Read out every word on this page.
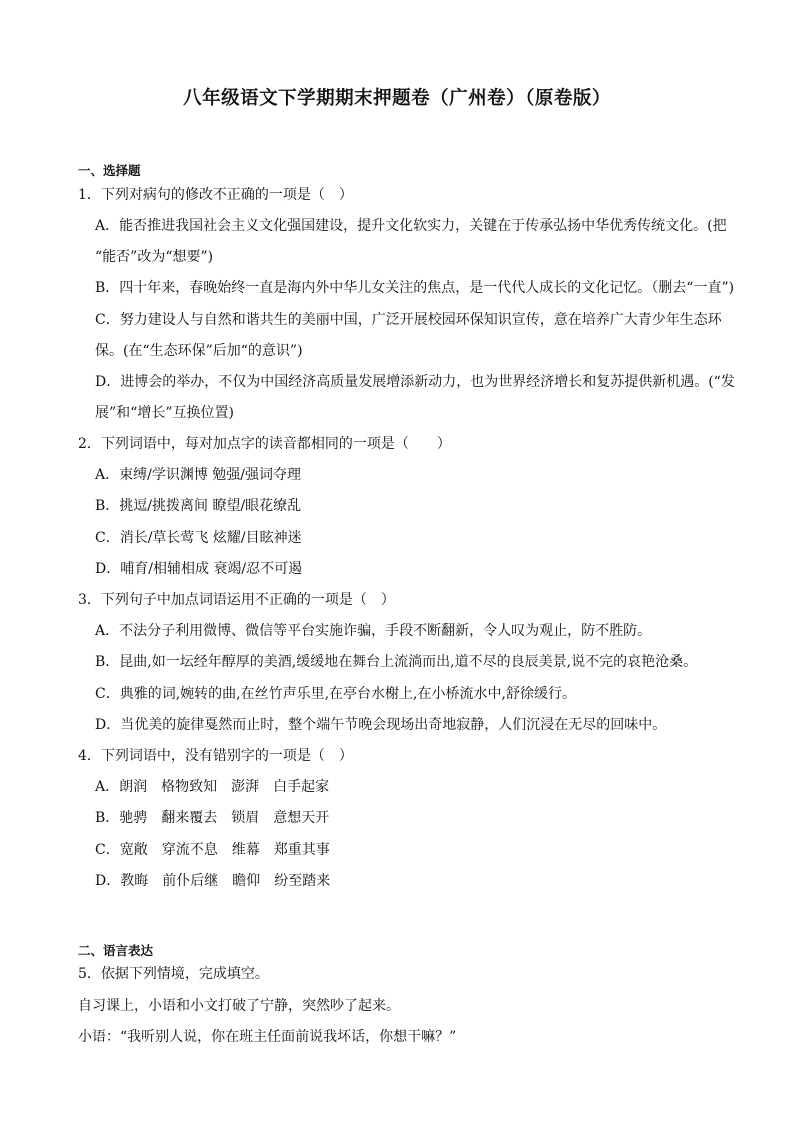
八年级语文下学期期末押题卷（广州卷）（原卷版）
一、选择题
1．下列对病句的修改不正确的一项是（　）
A．能否推进我国社会主义文化强国建设，提升文化软实力，关键在于传承弘扬中华优秀传统文化。(把
“能否”改为“想要”)
B．四十年来，春晚始终一直是海内外中华儿女关注的焦点，是一代代人成长的文化记忆。（删去“一直”)
C．努力建设人与自然和谐共生的美丽中国，广泛开展校园环保知识宣传，意在培养广大青少年生态环
保。(在“生态环保”后加“的意识”)
D．进博会的举办，不仅为中国经济高质量发展增添新动力，也为世界经济增长和复苏提供新机遇。(“发
展”和“增长”互换位置)
2．下列词语中，每对加点字的读音都相同的一项是（　　）
A．束缚/学识渊博 勉强/强词夺理
B．挑逗/挑拨离间 瞭望/眼花缭乱
C．消长/草长莺飞 炫耀/目眩神迷
D．哺育/相辅相成 衰竭/忍不可遏
3．下列句子中加点词语运用不正确的一项是（　）
A．不法分子利用微博、微信等平台实施诈骗，手段不断翻新，令人叹为观止，防不胜防。
B．昆曲,如一坛经年醇厚的美酒,缓缓地在舞台上流淌而出,道不尽的良辰美景,说不完的哀艳沧桑。
C．典雅的词,婉转的曲,在丝竹声乐里,在亭台水榭上,在小桥流水中,舒徐缓行。
D．当优美的旋律戛然而止时，整个端午节晚会现场出奇地寂静，人们沉浸在无尽的回味中。
4．下列词语中，没有错别字的一项是（　）
A．朗润　格物致知　澎湃　白手起家
B．驰骋　翻来覆去　锁眉　意想天开
C．宽敞　穿流不息　维幕　郑重其事
D．教晦　前仆后继　瞻仰　纷至踏来
二、语言表达
5．依据下列情境，完成填空。
自习课上，小语和小文打破了宁静，突然吵了起来。
小语：“我听别人说，你在班主任面前说我坏话，你想干嘛？”
